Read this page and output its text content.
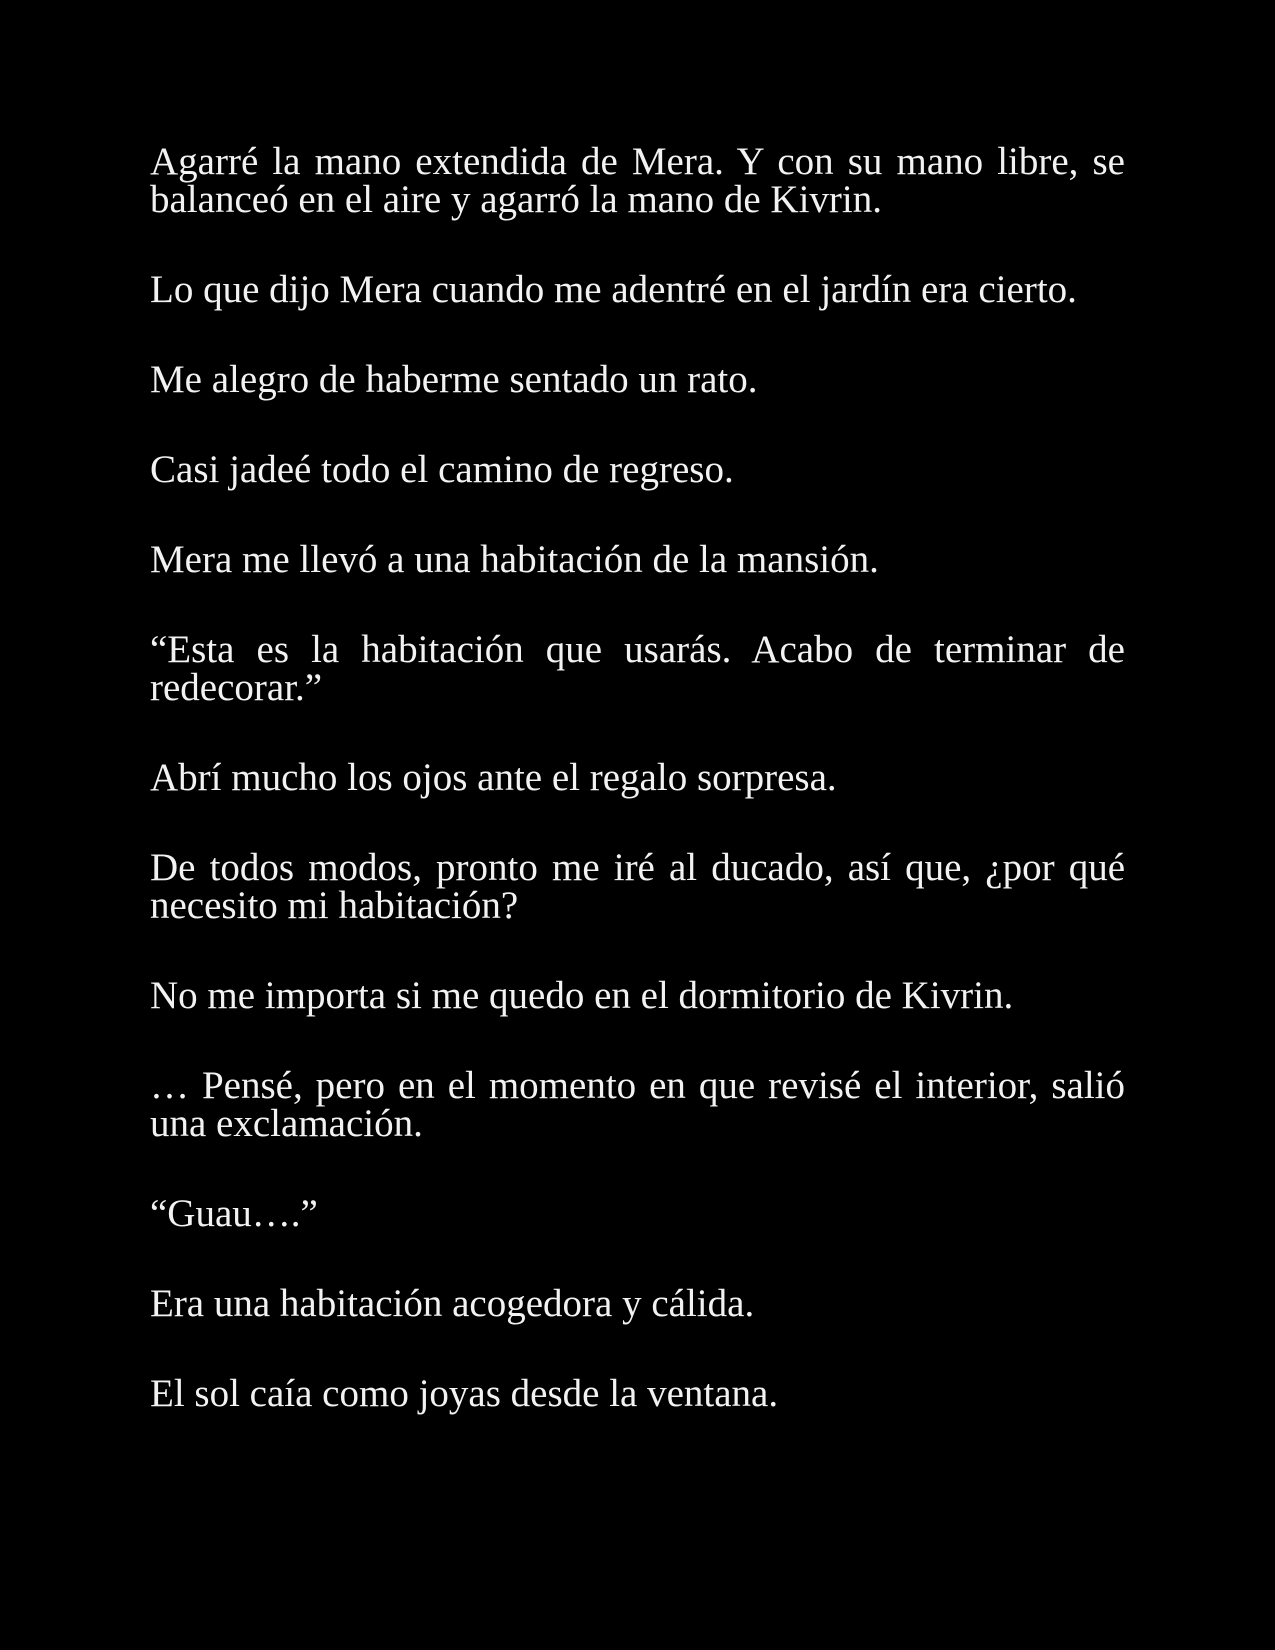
Agarré la mano extendida de Mera. Y con su mano libre, se balanceó en el aire y agarró la mano de Kivrin.

Lo que dijo Mera cuando me adentré en el jardín era cierto.

Me alegro de haberme sentado un rato.

Casi jadeé todo el camino de regreso.

Mera me llevó a una habitación de la mansión.

“Esta es la habitación que usarás. Acabo de terminar de redecorar.”

Abrí mucho los ojos ante el regalo sorpresa.

De todos modos, pronto me iré al ducado, así que, ¿por qué necesito mi habitación?

No me importa si me quedo en el dormitorio de Kivrin.

… Pensé, pero en el momento en que revisé el interior, salió una exclamación.

“Guau….”

Era una habitación acogedora y cálida.

El sol caía como joyas desde la ventana.
